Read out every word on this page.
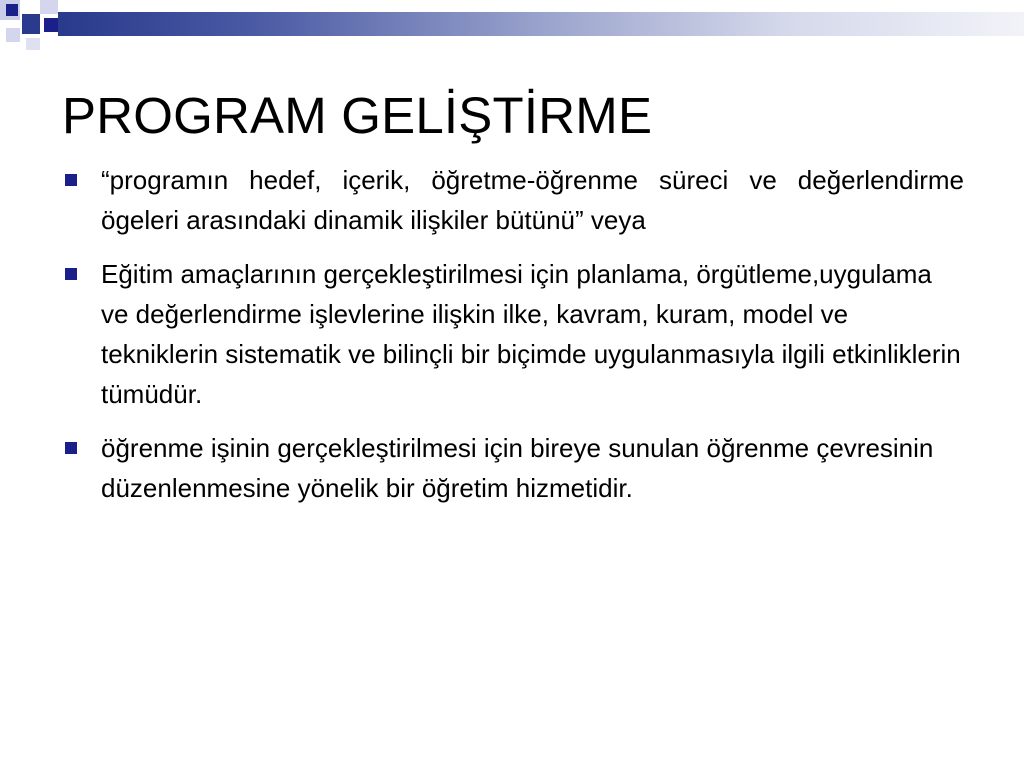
PROGRAM GELİŞTİRME
“programın hedef, içerik, öğretme-öğrenme süreci ve değerlendirme ögeleri arasındaki dinamik ilişkiler bütünü” veya
Eğitim amaçlarının gerçekleştirilmesi için planlama, örgütleme,uygulama ve değerlendirme işlevlerine ilişkin ilke, kavram, kuram, model ve tekniklerin sistematik ve bilinçli bir biçimde uygulanmasıyla ilgili etkinliklerin tümüdür.
öğrenme işinin gerçekleştirilmesi için bireye sunulan öğrenme çevresinin düzenlenmesine yönelik bir öğretim hizmetidir.
